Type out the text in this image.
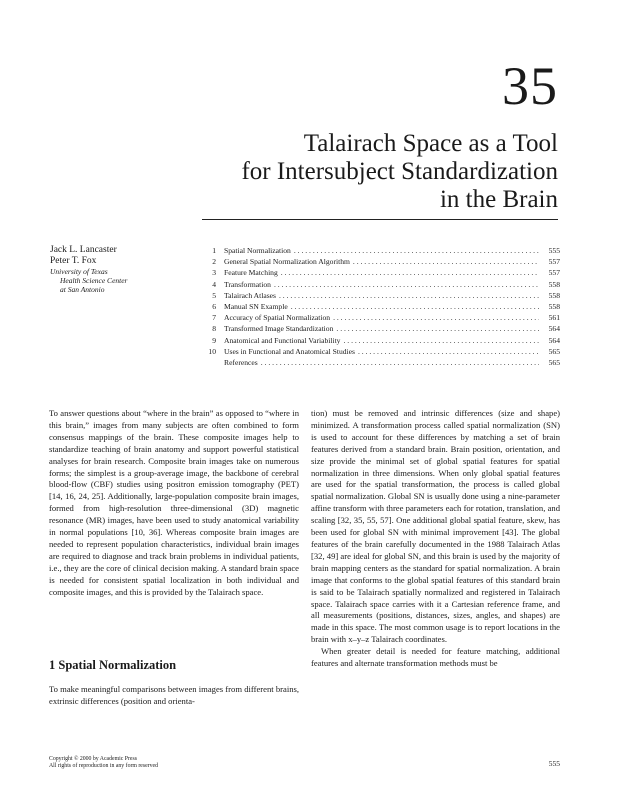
35
Talairach Space as a Tool
for Intersubject Standardization
in the Brain
Jack L. Lancaster
Peter T. Fox
University of Texas
Health Science Center
at San Antonio
1 Spatial Normalization . . .	555
2 General Spatial Normalization Algorithm . . .	557
3 Feature Matching . . .	557
4 Transformation . . .	558
5 Talairach Atlases . . .	558
6 Manual SN Example . . .	558
7 Accuracy of Spatial Normalization . . .	561
8 Transformed Image Standardization . . .	564
9 Anatomical and Functional Variability . . .	564
10 Uses in Functional and Anatomical Studies . . .	565
References . . .	565

To answer questions about “where in the brain” as opposed to “where in this brain,” images from many subjects are often combined to form consensus mappings of the brain. These composite images help to standardize teaching of brain anatomy and support powerful statistical analyses for brain research. Composite brain images take on numerous forms; the simplest is a group-average image, the backbone of cerebral blood-flow (CBF) studies using positron emission tomography (PET) [14, 16, 24, 25]. Additionally, large-population composite brain images, formed from high-resolution three-dimensional (3D) magnetic resonance (MR) images, have been used to study anatomical variability in normal populations [10, 36]. Whereas composite brain images are needed to represent population characteristics, individual brain images are required to diagnose and track brain problems in individual patients, i.e., they are the core of clinical decision making. A standard brain space is needed for consistent spatial localization in both individual and composite images, and this is provided by the Talairach space.

1 Spatial Normalization

To make meaningful comparisons between images from different brains, extrinsic differences (position and orienta-

tion) must be removed and intrinsic differences (size and shape) minimized. A transformation process called spatial normalization (SN) is used to account for these differences by matching a set of brain features derived from a standard brain. Brain position, orientation, and size provide the minimal set of global spatial features for spatial normalization in three dimensions. When only global spatial features are used for the spatial transformation, the process is called global spatial normalization. Global SN is usually done using a nine-parameter affine transform with three parameters each for rotation, translation, and scaling [32, 35, 55, 57]. One additional global spatial feature, skew, has been used for global SN with minimal improvement [43]. The global features of the brain carefully documented in the 1988 Talairach Atlas [32, 49] are ideal for global SN, and this brain is used by the majority of brain mapping centers as the standard for spatial normalization. A brain image that conforms to the global spatial features of this standard brain is said to be Talairach spatially normalized and registered in Talairach space. Talairach space carries with it a Cartesian reference frame, and all measurements (positions, distances, sizes, angles, and shapes) are made in this space. The most common usage is to report locations in the brain with x–y–z Talairach coordinates.

When greater detail is needed for feature matching, additional features and alternate transformation methods must be

Copyright © 2000 by Academic Press
All rights of reproduction in any form reserved	555
